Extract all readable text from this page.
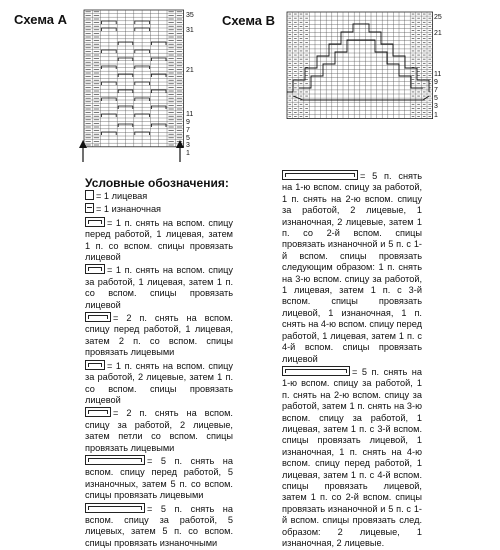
Схема А	Схема В
35
31
21
11
9
7
5
3
1
25
21
11
9
7
5
3
1
Условные обозначения:

= 1 лицевая

= 1 изнаночная

= 1 п. снять на вспом. спицу перед работой, 1 лицевая, затем 1 п. со вспом. спицы провязать лицевой

= 1 п. снять на вспом. спицу за работой, 1 лицевая, затем 1 п. со вспом. спицы провязать лицевой

= 2 п. снять на вспом. спицу перед работой, 1 лицевая, затем 2 п. со вспом. спицы провязать лицевыми

= 1 п. снять на вспом. спицу за работой, 2 лицевые, затем 1 п. со вспом. спицы провязать лицевой

= 2 п. снять на вспом. спицу за работой, 2 лицевые, затем петли со вспом. спицы провязать лицевыми

= 5 п. снять на вспом. спицу перед работой, 5 изнаночных, затем 5 п. со вспом. спицы провязать лицевыми

= 5 п. снять на вспом. спицу за работой, 5 лицевых, затем 5 п. со вспом. спицы провязать изнаночными

= 5 п. снять на 1-ю вспом. спицу за работой, 1 п. снять на 2-ю вспом. спицу за работой, 2 лицевые, 1 изнаночная, 2 лицевые, затем 1 п. со 2-й вспом. спицы провязать изнаночной и 5 п. с 1-й вспом. спицы провязать следующим образом: 1 п. снять на 3-ю вспом. спицу за работой, 1 лицевая, затем 1 п. с 3-й вспом. спицы провязать лицевой, 1 изнаночная, 1 п. снять на 4-ю вспом. спицу перед работой, 1 лицевая, затем 1 п. с 4-й вспом. спицы провязать лицевой

= 5 п. снять на 1-ю вспом. спицу за работой, 1 п. снять на 2-ю вспом. спицу за работой, затем 1 п. снять на 3-ю вспом. спицу за работой, 1 лицевая, затем 1 п. с 3-й вспом. спицы провязать лицевой, 1 изнаночная, 1 п. снять на 4-ю вспом. спицу перед работой, 1 лицевая, затем 1 п. с 4-й вспом. спицы провязать лицевой, затем 1 п. со 2-й вспом. спицы провязать изнаночной и 5 п. с 1-й вспом. спицы провязать след. образом: 2 лицевые, 1 изнаночная, 2 лицевые.
